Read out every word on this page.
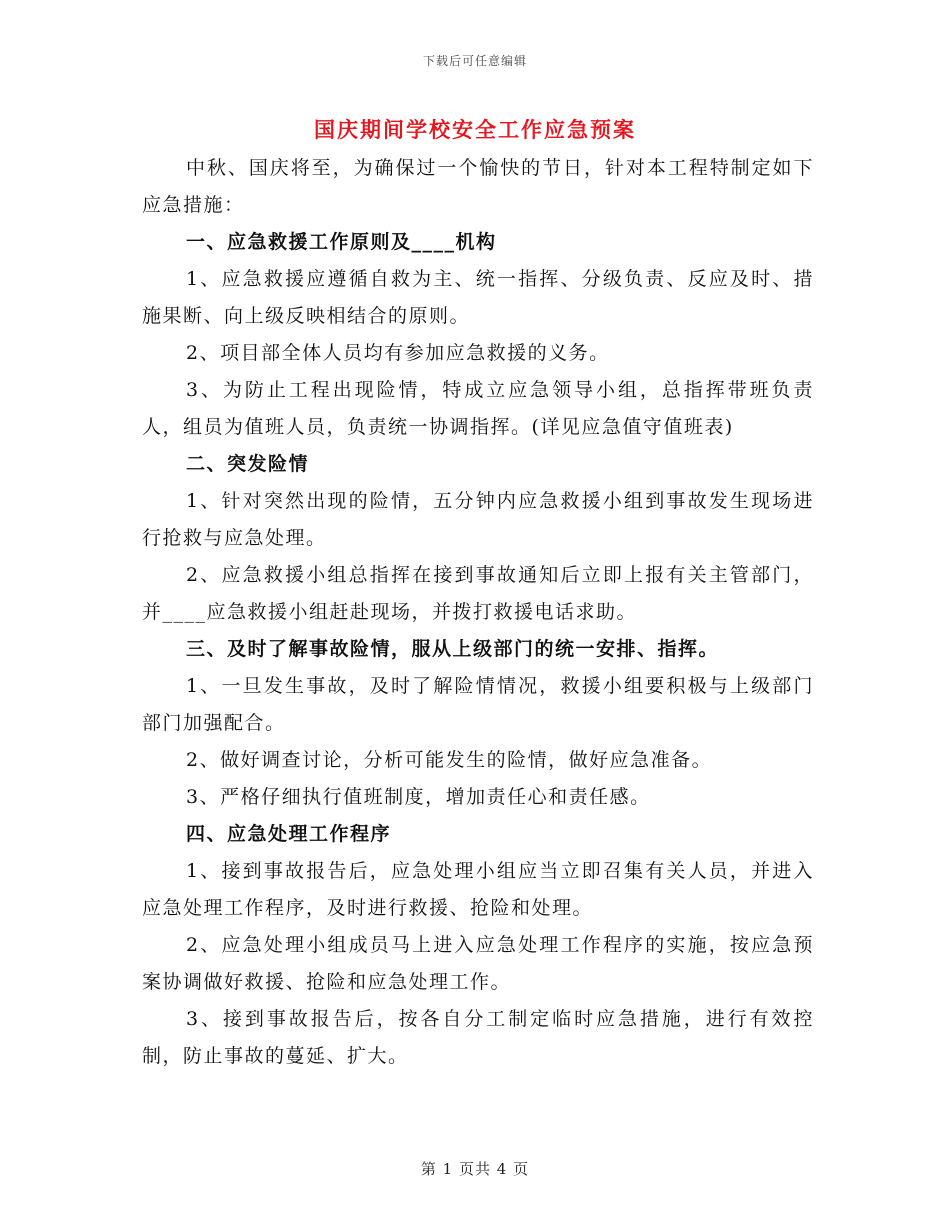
下载后可任意编辑
国庆期间学校安全工作应急预案

中秋、国庆将至，为确保过一个愉快的节日，针对本工程特制定如下应急措施：

一、应急救援工作原则及____机构

1、应急救援应遵循自救为主、统一指挥、分级负责、反应及时、措施果断、向上级反映相结合的原则。

2、项目部全体人员均有参加应急救援的义务。

3、为防止工程出现险情，特成立应急领导小组，总指挥带班负责人，组员为值班人员，负责统一协调指挥。(详见应急值守值班表)

二、突发险情

1、针对突然出现的险情，五分钟内应急救援小组到事故发生现场进行抢救与应急处理。

2、应急救援小组总指挥在接到事故通知后立即上报有关主管部门，并____应急救援小组赶赴现场，并拨打救援电话求助。

三、及时了解事故险情，服从上级部门的统一安排、指挥。

1、一旦发生事故，及时了解险情情况，救援小组要积极与上级部门部门加强配合。

2、做好调查讨论，分析可能发生的险情，做好应急准备。

3、严格仔细执行值班制度，增加责任心和责任感。

四、应急处理工作程序

1、接到事故报告后，应急处理小组应当立即召集有关人员，并进入应急处理工作程序，及时进行救援、抢险和处理。

2、应急处理小组成员马上进入应急处理工作程序的实施，按应急预案协调做好救援、抢险和应急处理工作。

3、接到事故报告后，按各自分工制定临时应急措施，进行有效控制，防止事故的蔓延、扩大。

第 1 页共 4 页
